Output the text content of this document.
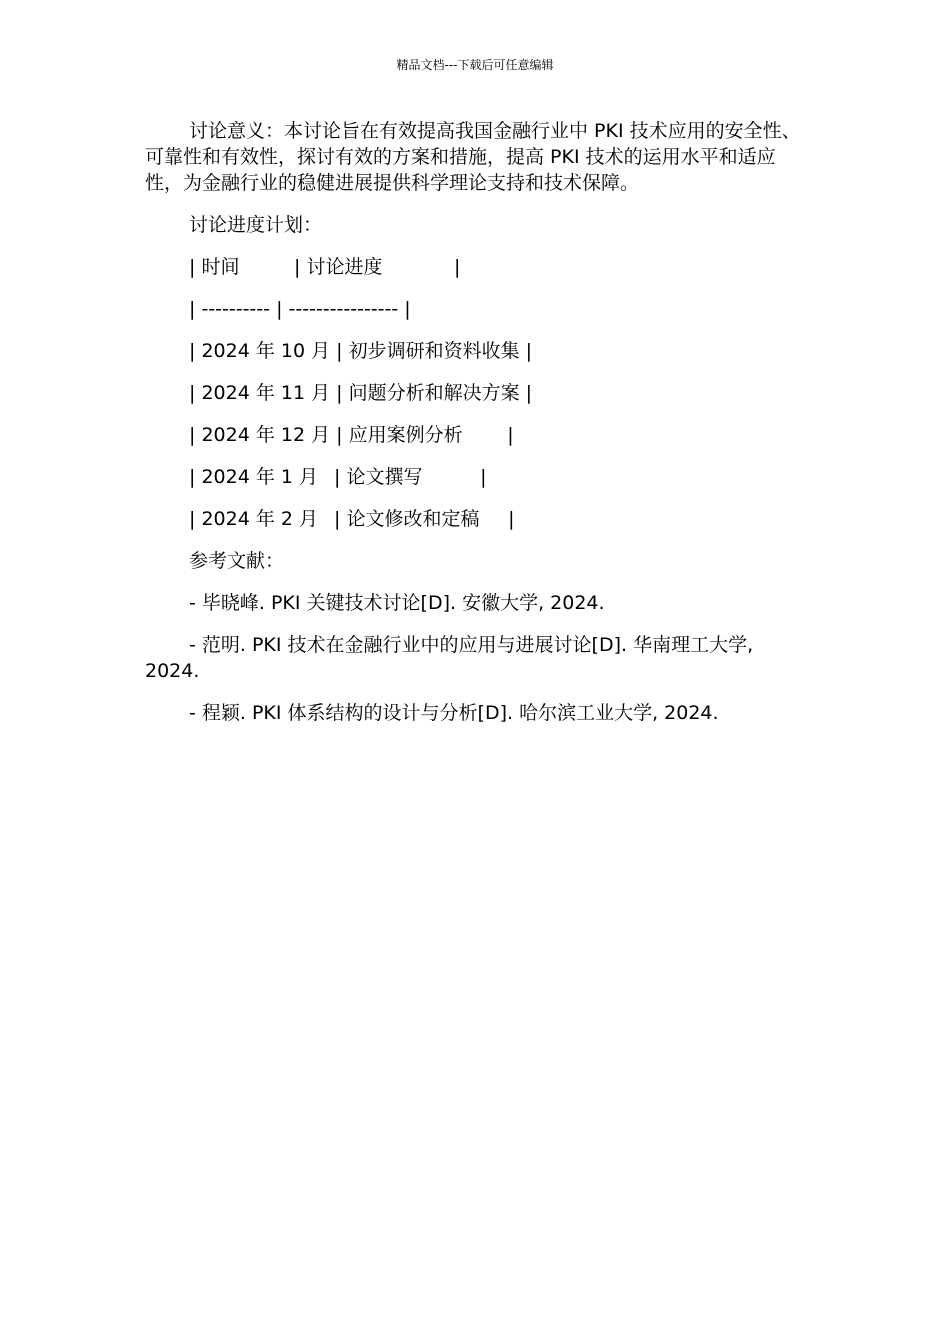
精品文档---下载后可任意编辑

讨论意义：本讨论旨在有效提高我国金融行业中 PKI 技术应用的安全性、可靠性和有效性，探讨有效的方案和措施，提高 PKI 技术的运用水平和适应性，为金融行业的稳健进展提供科学理论支持和技术保障。

讨论进度计划：

| 时间	| 讨论进度	|
| ---------- | ---------------- |
| 2024 年 10 月 | 初步调研和资料收集 |
| 2024 年 11 月 | 问题分析和解决方案 |
| 2024 年 12 月 | 应用案例分析 |
| 2024 年 1 月 | 论文撰写	|
| 2024 年 2 月 | 论文修改和定稿 |

参考文献：

- 毕晓峰. PKI 关键技术讨论[D]. 安徽大学, 2024.

- 范明. PKI 技术在金融行业中的应用与进展讨论[D]. 华南理工大学, 2024.

- 程颖. PKI 体系结构的设计与分析[D]. 哈尔滨工业大学, 2024.
